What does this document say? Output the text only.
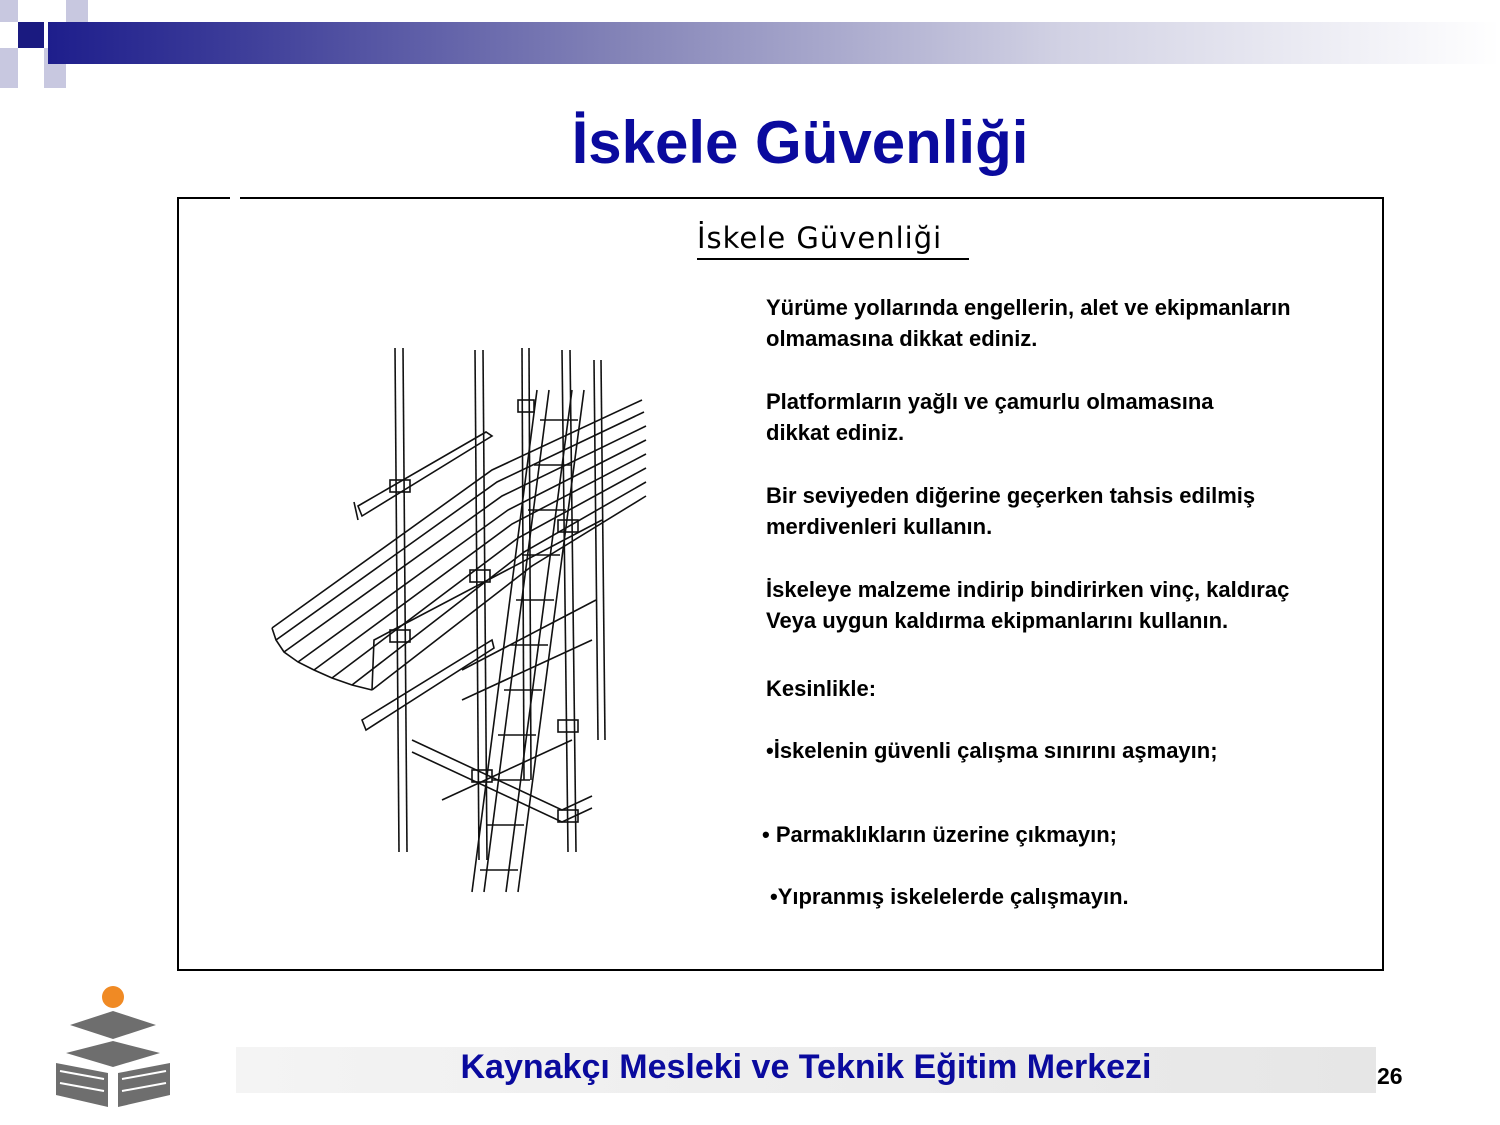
İskele Güvenliği
İskele Güvenliği
Yürüme yollarında engellerin, alet ve ekipmanların
olmamasına dikkat ediniz.
Platformların yağlı ve çamurlu olmamasına
dikkat ediniz.
Bir seviyeden diğerine geçerken tahsis edilmiş
merdivenleri kullanın.
İskeleye malzeme indirip bindirirken vinç, kaldıraç
Veya uygun kaldırma ekipmanlarını kullanın.
Kesinlikle:
•İskelenin güvenli çalışma sınırını aşmayın;
• Parmaklıkların üzerine çıkmayın;
•Yıpranmış iskelelerde çalışmayın.
Kaynakçı Mesleki ve Teknik Eğitim Merkezi	26
